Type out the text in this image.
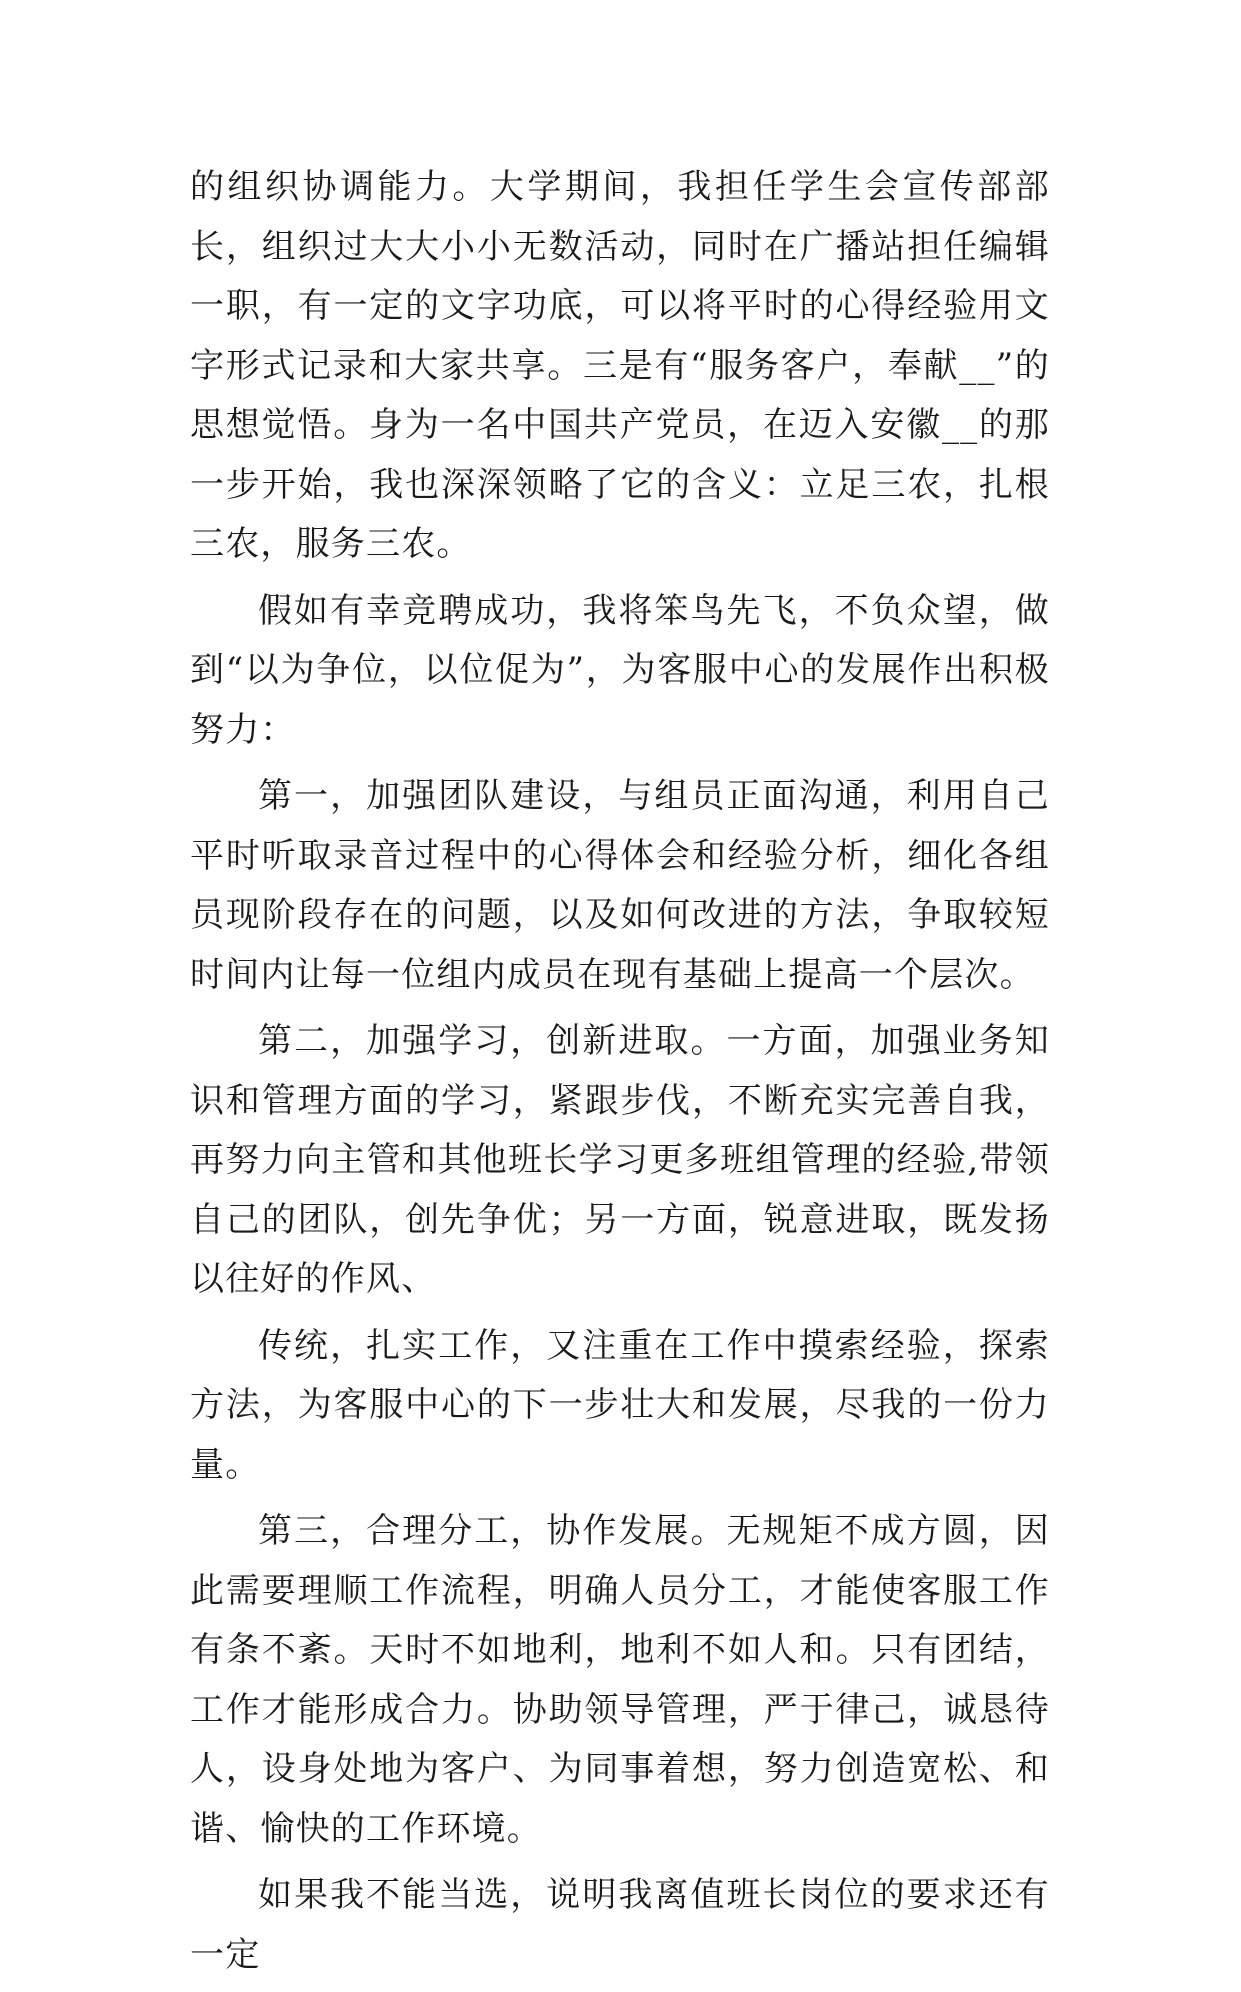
的组织协调能力。大学期间，我担任学生会宣传部部长，组织过大大小小无数活动，同时在广播站担任编辑一职，有一定的文字功底，可以将平时的心得经验用文字形式记录和大家共享。三是有“服务客户，奉献__”的思想觉悟。身为一名中国共产党员，在迈入安徽__的那一步开始，我也深深领略了它的含义：立足三农，扎根三农，服务三农。

假如有幸竞聘成功，我将笨鸟先飞，不负众望，做到“以为争位，以位促为”，为客服中心的发展作出积极努力：

第一，加强团队建设，与组员正面沟通，利用自己平时听取录音过程中的心得体会和经验分析，细化各组员现阶段存在的问题，以及如何改进的方法，争取较短时间内让每一位组内成员在现有基础上提高一个层次。

第二，加强学习，创新进取。一方面，加强业务知识和管理方面的学习，紧跟步伐，不断充实完善自我，再努力向主管和其他班长学习更多班组管理的经验,带领自己的团队，创先争优；另一方面，锐意进取，既发扬以往好的作风、

传统，扎实工作，又注重在工作中摸索经验，探索方法，为客服中心的下一步壮大和发展，尽我的一份力量。

第三，合理分工，协作发展。无规矩不成方圆，因此需要理顺工作流程，明确人员分工，才能使客服工作有条不紊。天时不如地利，地利不如人和。只有团结，工作才能形成合力。协助领导管理，严于律己，诚恳待人，设身处地为客户、为同事着想，努力创造宽松、和谐、愉快的工作环境。

如果我不能当选，说明我离值班长岗位的要求还有一定
